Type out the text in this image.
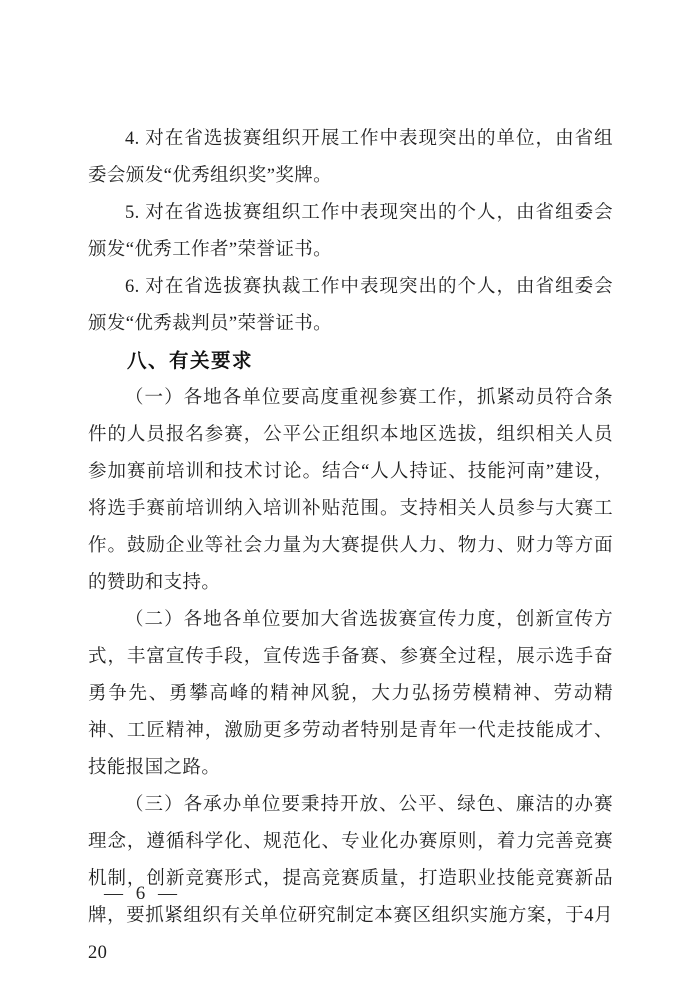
4. 对在省选拔赛组织开展工作中表现突出的单位，由省组委会颁发“优秀组织奖”奖牌。

5. 对在省选拔赛组织工作中表现突出的个人，由省组委会颁发“优秀工作者”荣誉证书。

6. 对在省选拔赛执裁工作中表现突出的个人，由省组委会颁发“优秀裁判员”荣誉证书。

八、有关要求

（一）各地各单位要高度重视参赛工作，抓紧动员符合条件的人员报名参赛，公平公正组织本地区选拔，组织相关人员参加赛前培训和技术讨论。结合“人人持证、技能河南”建设，将选手赛前培训纳入培训补贴范围。支持相关人员参与大赛工作。鼓励企业等社会力量为大赛提供人力、物力、财力等方面的赞助和支持。

（二）各地各单位要加大省选拔赛宣传力度，创新宣传方式，丰富宣传手段，宣传选手备赛、参赛全过程，展示选手奋勇争先、勇攀高峰的精神风貌，大力弘扬劳模精神、劳动精神、工匠精神，激励更多劳动者特别是青年一代走技能成才、技能报国之路。

（三）各承办单位要秉持开放、公平、绿色、廉洁的办赛理念，遵循科学化、规范化、专业化办赛原则，着力完善竞赛机制，创新竞赛形式，提高竞赛质量，打造职业技能竞赛新品牌，要抓紧组织有关单位研究制定本赛区组织实施方案，于4月20

— 6 —
